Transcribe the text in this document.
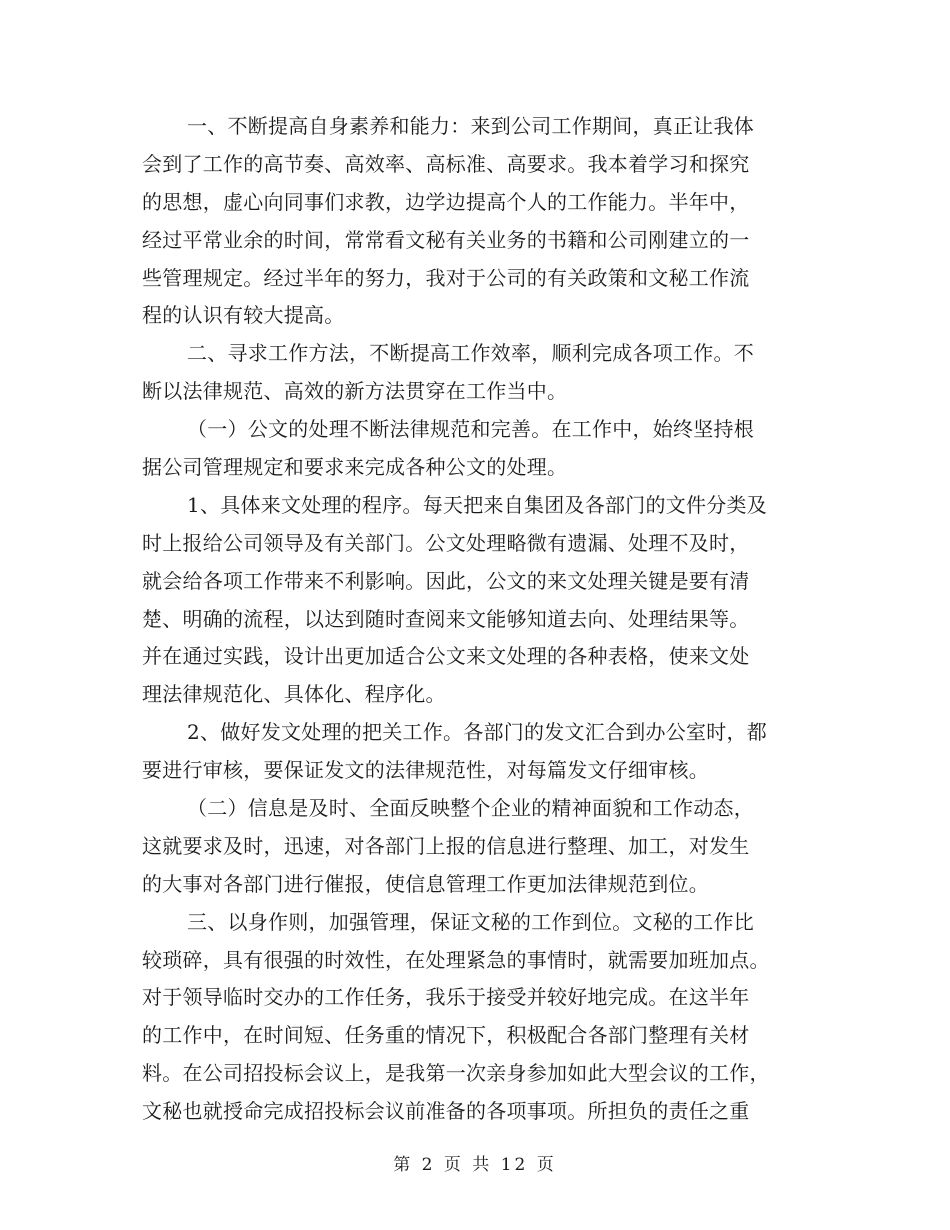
一、不断提高自身素养和能力：来到公司工作期间，真正让我体
会到了工作的高节奏、高效率、高标准、高要求。我本着学习和探究
的思想，虚心向同事们求教，边学边提高个人的工作能力。半年中，
经过平常业余的时间，常常看文秘有关业务的书籍和公司刚建立的一
些管理规定。经过半年的努力，我对于公司的有关政策和文秘工作流
程的认识有较大提高。
二、寻求工作方法，不断提高工作效率，顺利完成各项工作。不
断以法律规范、高效的新方法贯穿在工作当中。
（一）公文的处理不断法律规范和完善。在工作中，始终坚持根
据公司管理规定和要求来完成各种公文的处理。
1、具体来文处理的程序。每天把来自集团及各部门的文件分类及
时上报给公司领导及有关部门。公文处理略微有遗漏、处理不及时，
就会给各项工作带来不利影响。因此，公文的来文处理关键是要有清
楚、明确的流程，以达到随时查阅来文能够知道去向、处理结果等。
并在通过实践，设计出更加适合公文来文处理的各种表格，使来文处
理法律规范化、具体化、程序化。
2、做好发文处理的把关工作。各部门的发文汇合到办公室时，都
要进行审核，要保证发文的法律规范性，对每篇发文仔细审核。
（二）信息是及时、全面反映整个企业的精神面貌和工作动态，
这就要求及时，迅速，对各部门上报的信息进行整理、加工，对发生
的大事对各部门进行催报，使信息管理工作更加法律规范到位。
三、以身作则，加强管理，保证文秘的工作到位。文秘的工作比
较琐碎，具有很强的时效性，在处理紧急的事情时，就需要加班加点。
对于领导临时交办的工作任务，我乐于接受并较好地完成。在这半年
的工作中，在时间短、任务重的情况下，积极配合各部门整理有关材
料。在公司招投标会议上，是我第一次亲身参加如此大型会议的工作，
文秘也就授命完成招投标会议前准备的各项事项。所担负的责任之重
第 2 页 共 12 页
